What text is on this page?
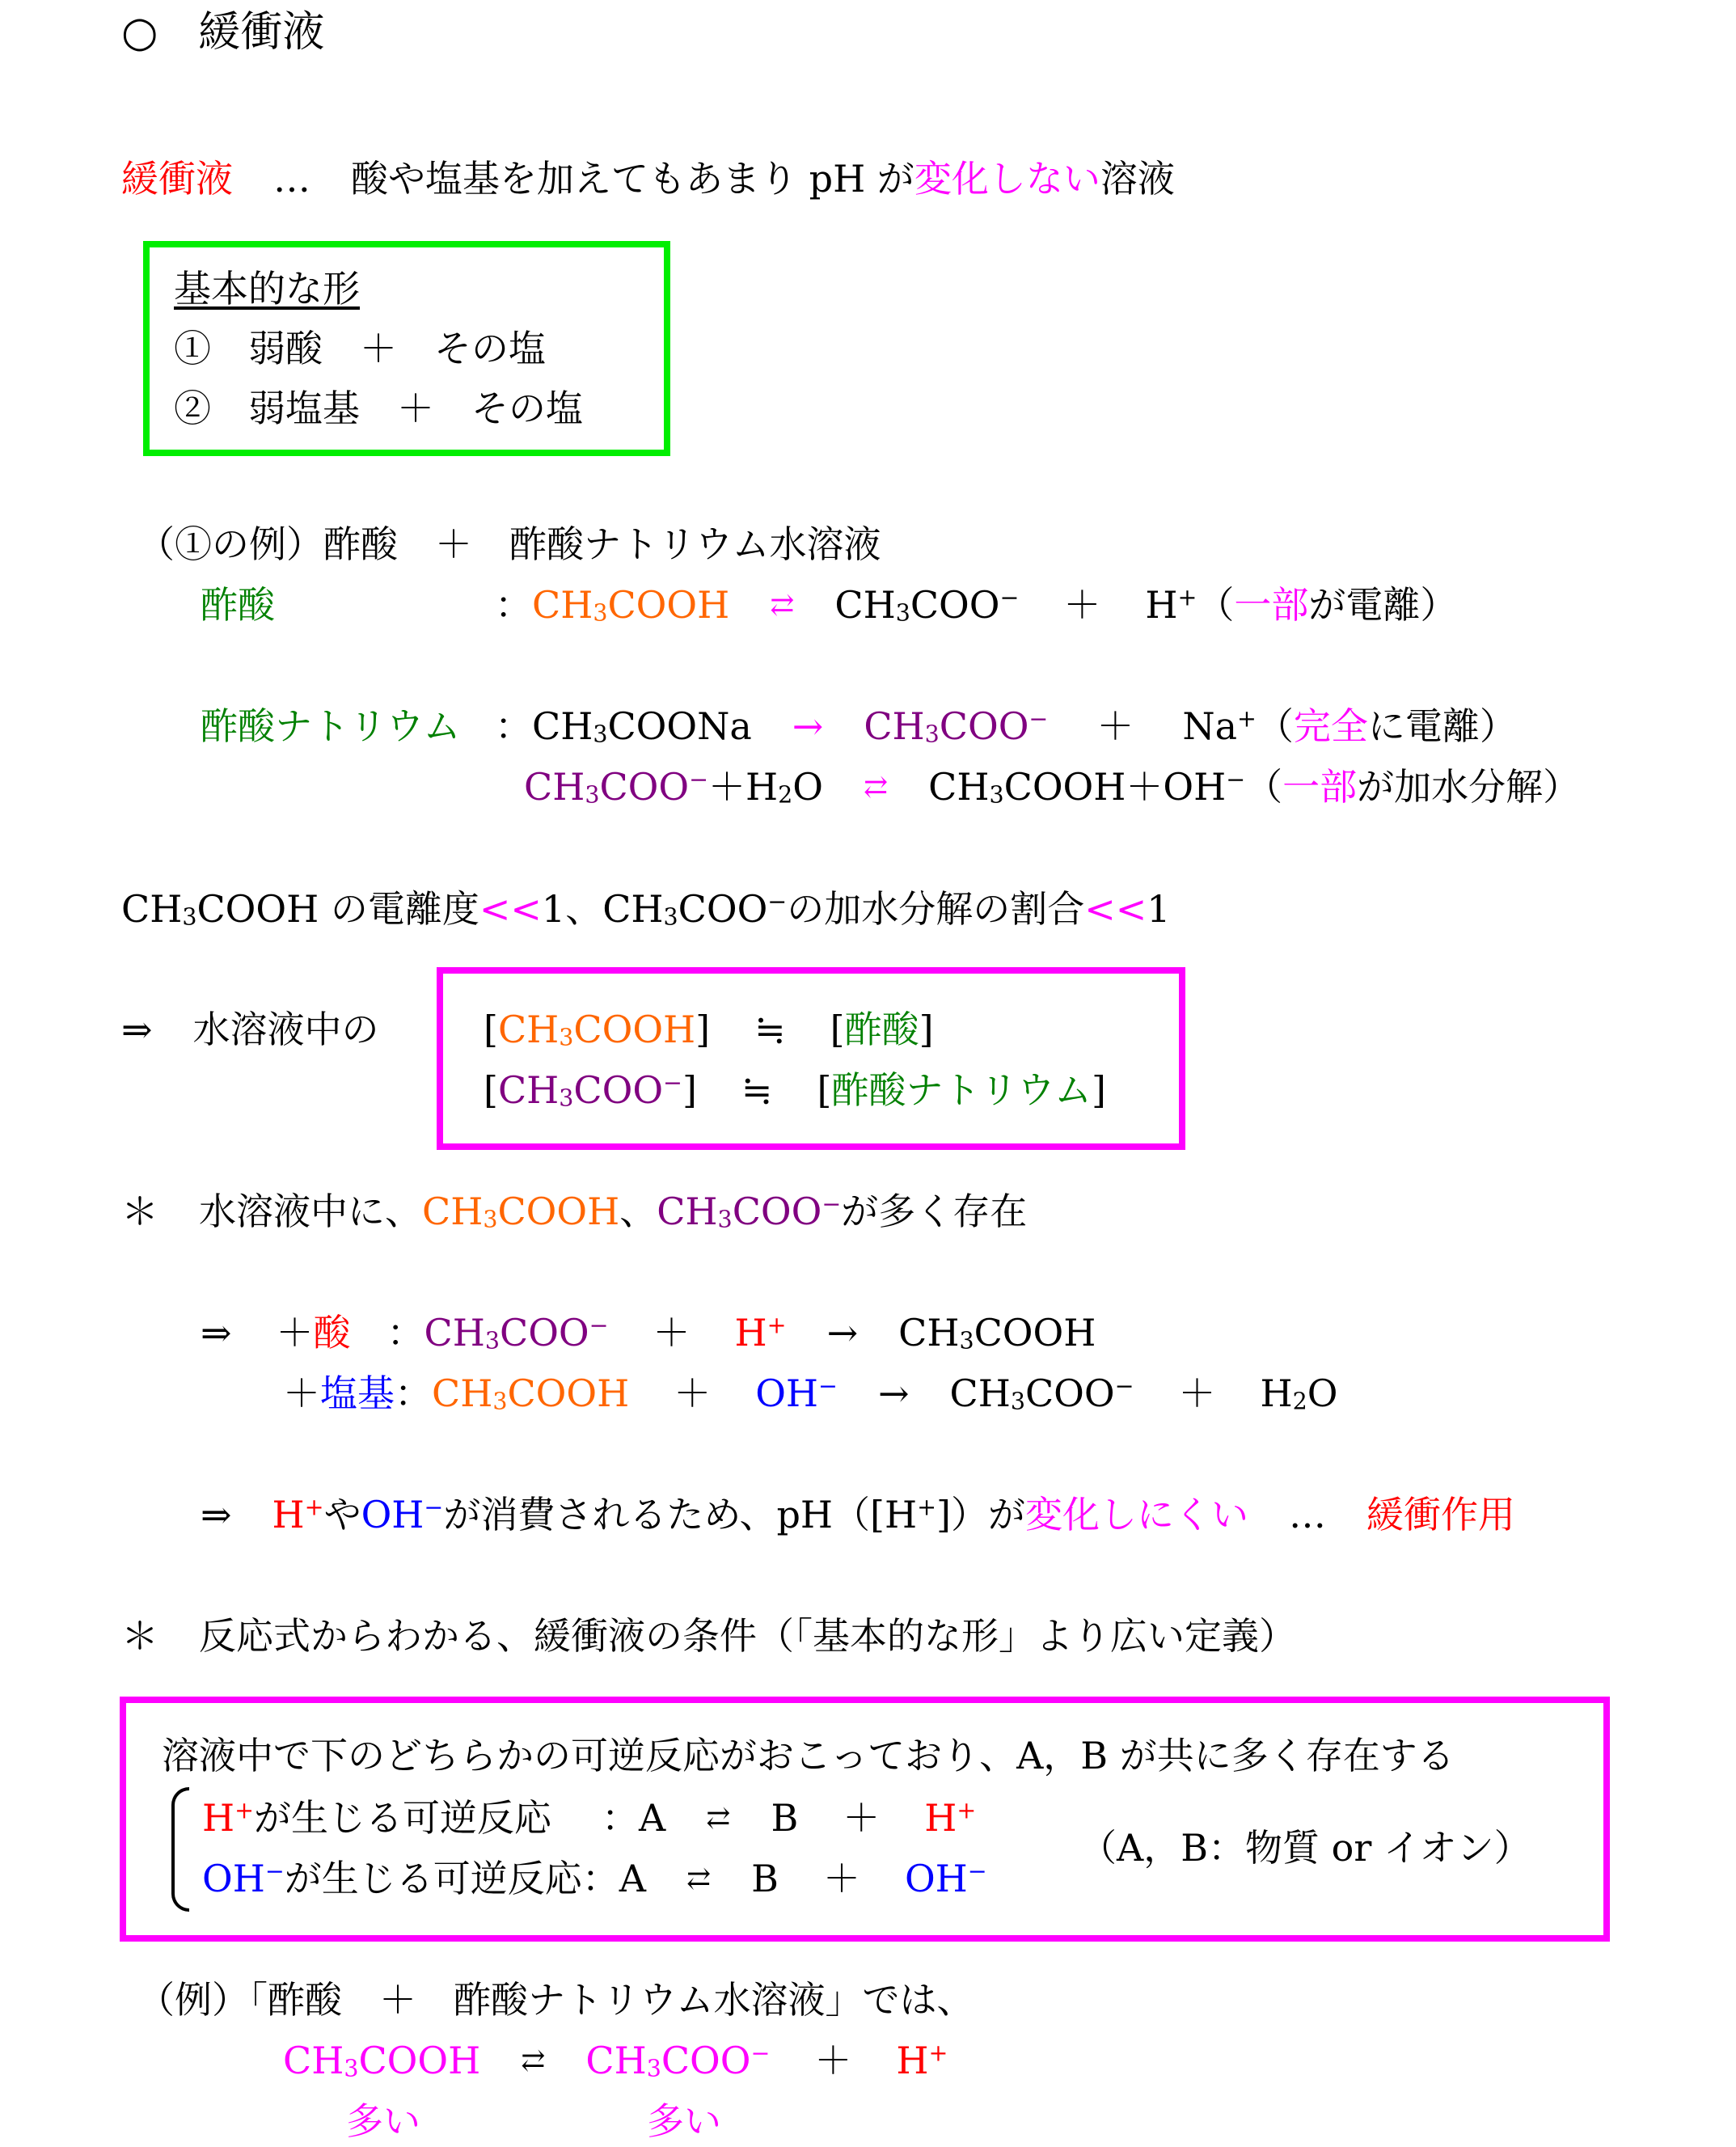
○ 緩衝液
緩衝液 … 酸や塩基を加えてもあまり pH が変化しない溶液
基本的な形
①　弱酸　＋　その塩
②　弱塩基　＋　その塩
（①の例）酢酸　＋　酢酸ナトリウム水溶液
酢酸	：$CH_3COOH$ ⇄ $CH_3COO^- + H^+$（一部が電離）
酢酸ナトリウム ：$CH_3COONa \to CH_3COO^- + Na^+$（完全に電離）
$CH_3COO^-+H_2O$ ⇄ $CH_3COOH+OH^-$（一部が加水分解）
$CH_3COOH$ の電離度<<1、$CH_3COO^-$の加水分解の割合<<1
⇒ 水溶液中の	$[CH_3COOH]$ ≒ [酢酸]
$[CH_3COO^-]$ ≒ [酢酸ナトリウム]
＊ 水溶液中に、$CH_3COOH$、$CH_3COO^-$が多く存在
⇒ ＋酸 ：$CH_3COO^- + H^+$ → $CH_3COOH$
＋塩基：$CH_3COOH + OH^- \to CH_3COO^- + H_2O$
⇒ H+やOH−が消費されるため、pH（[H+]）が変化しにくい … 緩衝作用
＊ 反応式からわかる、緩衝液の条件（「基本的な形」より広い定義）
溶液中で下のどちらかの可逆反応がおこっており、A，B が共に多く存在する
H+が生じる可逆反応 ：A ⇄ B ＋ H+
OH−が生じる可逆反応：A ⇄ B ＋ OH−
（A，B：物質 or イオン）
（例）「酢酸　＋　酢酸ナトリウム水溶液」では、
$CH_3COOH$ ⇄ $CH_3COO^- + H^+$
多い	多い
